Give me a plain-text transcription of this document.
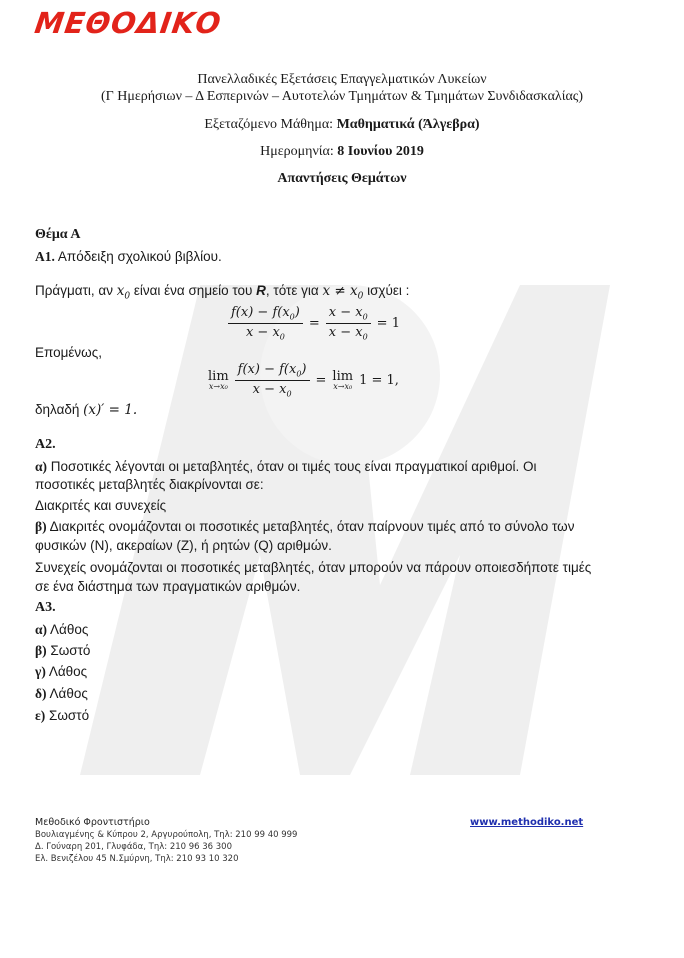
ΜΕΘΟΔΙΚΟ
Πανελλαδικές Εξετάσεις Επαγγελματικών Λυκείων
(Γ Ημερήσιων – Δ Εσπερινών – Αυτοτελών Τμημάτων & Τμημάτων Συνδιδασκαλίας)
Εξεταζόμενο Μάθημα: Μαθηματικά (Άλγεβρα)
Ημερομηνία: 8 Ιουνίου 2019
Απαντήσεις Θεμάτων
Θέμα Α
Α1. Απόδειξη σχολικού βιβλίου.
Πράγματι, αν $x_0$ είναι ένα σημείο του R, τότε για $x \ne x_0$ ισχύει :
$\frac{f(x) - f(x_0)}{x - x_0} = \frac{x - x_0}{x - x_0} = 1$
Επομένως,
lim
$x\to x_0 \frac{f(x) - f(x_0)}{x - x_0} = \lim$
x→x₀ 1 = 1,
δηλαδή (x)′ = 1.
Α2.
α) Ποσοτικές λέγονται οι μεταβλητές, όταν οι τιμές τους είναι πραγματικοί αριθμοί. Οι
ποσοτικές μεταβλητές διακρίνονται σε:
Διακριτές και συνεχείς
β) Διακριτές ονομάζονται οι ποσοτικές μεταβλητές, όταν παίρνουν τιμές από το σύνολο των
φυσικών (N), ακεραίων (Z), ή ρητών (Q) αριθμών.
Συνεχείς ονομάζονται οι ποσοτικές μεταβλητές, όταν μπορούν να πάρουν οποιεσδήποτε τιμές
σε ένα διάστημα των πραγματικών αριθμών.
Α3.
α) Λάθος
β) Σωστό
γ) Λάθος
δ) Λάθος
ε) Σωστό
Μεθοδικό Φροντιστήριο
Βουλιαγμένης & Κύπρου 2, Αργυρούπολη, Τηλ: 210 99 40 999
Δ. Γούναρη 201, Γλυφάδα, Τηλ: 210 96 36 300
Ελ. Βενιζέλου 45 Ν.Σμύρνη, Τηλ: 210 93 10 320
www.methodiko.net
